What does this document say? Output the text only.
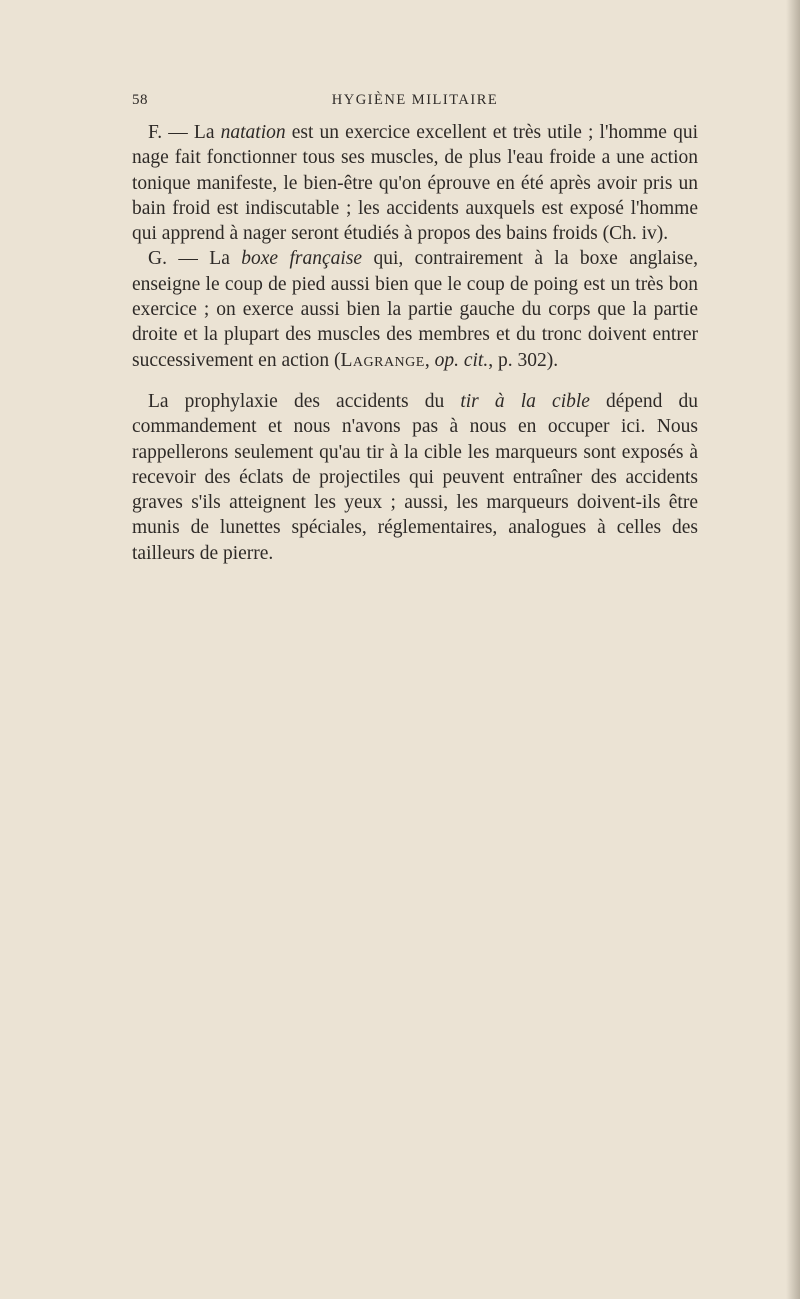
58	HYGIÈNE MILITAIRE

F. — La natation est un exercice excellent et très utile ; l'homme qui nage fait fonctionner tous ses muscles, de plus l'eau froide a une action tonique manifeste, le bien-être qu'on éprouve en été après avoir pris un bain froid est indiscutable ; les accidents auxquels est exposé l'homme qui apprend à nager seront étudiés à propos des bains froids (Ch. iv).

G. — La boxe française qui, contrairement à la boxe anglaise, enseigne le coup de pied aussi bien que le coup de poing est un très bon exercice ; on exerce aussi bien la partie gauche du corps que la partie droite et la plupart des muscles des membres et du tronc doivent entrer successivement en action (Lagrange, op. cit., p. 302).

La prophylaxie des accidents du tir à la cible dépend du commandement et nous n'avons pas à nous en occuper ici. Nous rappellerons seulement qu'au tir à la cible les marqueurs sont exposés à recevoir des éclats de projectiles qui peuvent entraîner des accidents graves s'ils atteignent les yeux ; aussi, les marqueurs doivent-ils être munis de lunettes spéciales, réglementaires, analogues à celles des tailleurs de pierre.
